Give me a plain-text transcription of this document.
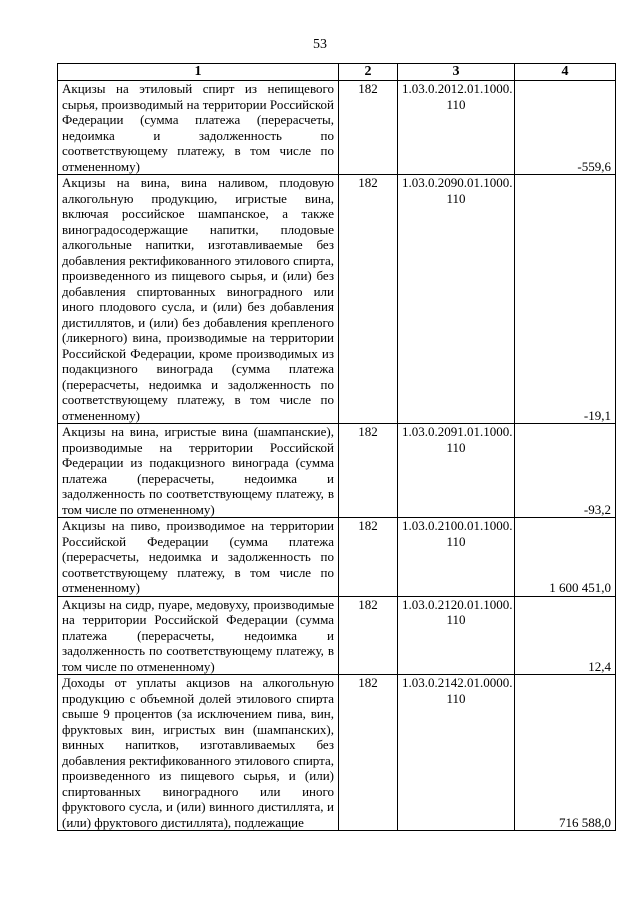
53
1	2	3	4
Акцизы на этиловый спирт из непищевого сырья, производимый на территории Российской Федерации (сумма платежа (перерасчеты, недоимка и задолженность по соответствующему платежу, в том числе по отмененному)	182	1.03.0.2012.01.1000. 110	-559,6
Акцизы на вина, вина наливом, плодовую алкогольную продукцию, игристые вина, включая российское шампанское, а также виноградосодержащие напитки, плодовые алкогольные напитки, изготавливаемые без добавления ректификованного этилового спирта, произведенного из пищевого сырья, и (или) без добавления спиртованных виноградного или иного плодового сусла, и (или) без добавления дистиллятов, и (или) без добавления крепленого (ликерного) вина, производимые на территории Российской Федерации, кроме производимых из подакцизного винограда (сумма платежа (перерасчеты, недоимка и задолженность по соответствующему платежу, в том числе по отмененному)	182	1.03.0.2090.01.1000. 110	-19,1
Акцизы на вина, игристые вина (шампанские), производимые на территории Российской Федерации из подакцизного винограда (сумма платежа (перерасчеты, недоимка и задолженность по соответствующему платежу, в том числе по отмененному)	182	1.03.0.2091.01.1000. 110	-93,2
Акцизы на пиво, производимое на территории Российской Федерации (сумма платежа (перерасчеты, недоимка и задолженность по соответствующему платежу, в том числе по отмененному)	182	1.03.0.2100.01.1000. 110	1 600 451,0
Акцизы на сидр, пуаре, медовуху, производимые на территории Российской Федерации (сумма платежа (перерасчеты, недоимка и задолженность по соответствующему платежу, в том числе по отмененному)	182	1.03.0.2120.01.1000. 110	12,4
Доходы от уплаты акцизов на алкогольную продукцию с объемной долей этилового спирта свыше 9 процентов (за исключением пива, вин, фруктовых вин, игристых вин (шампанских), винных напитков, изготавливаемых без добавления ректификованного этилового спирта, произведенного из пищевого сырья, и (или) спиртованных виноградного или иного фруктового сусла, и (или) винного дистиллята, и (или) фруктового дистиллята), подлежащие	182	1.03.0.2142.01.0000. 110	716 588,0
